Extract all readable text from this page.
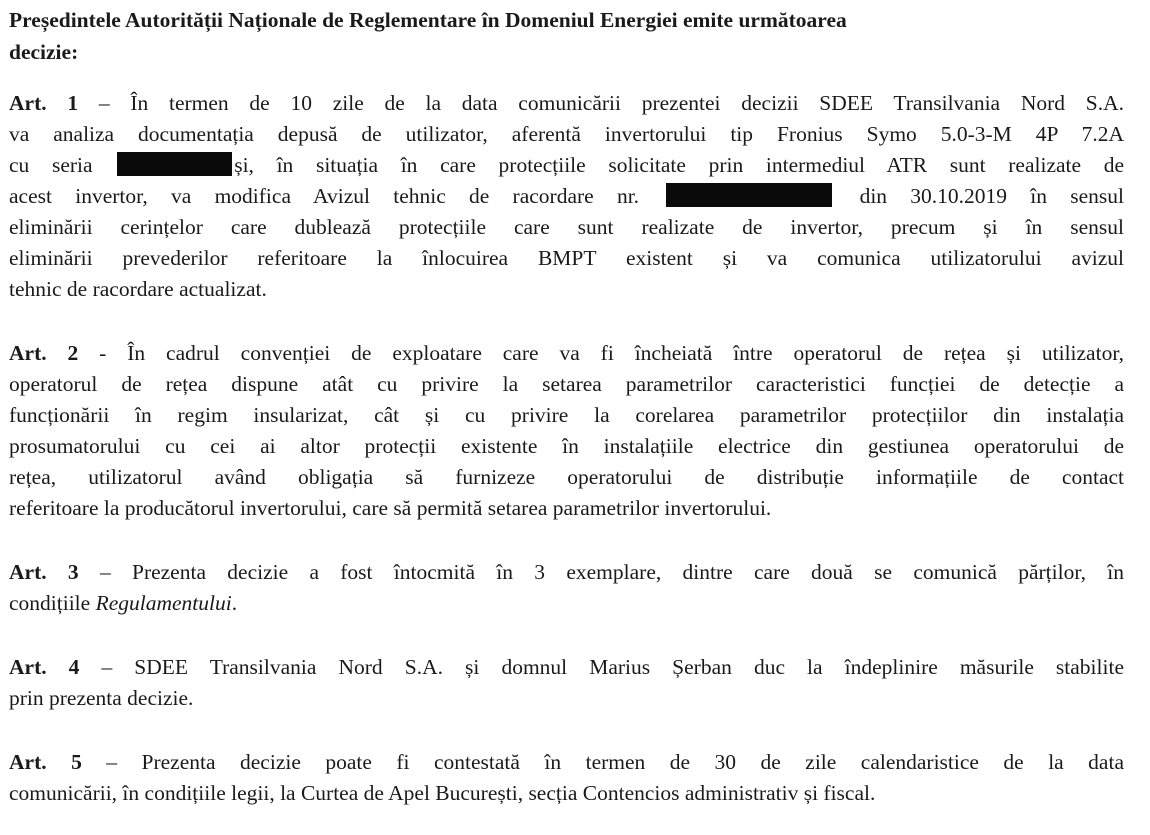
Președintele Autorității Naționale de Reglementare în Domeniul Energiei emite următoarea
decizie:
Art. 1 – În termen de 10 zile de la data comunicării prezentei decizii SDEE Transilvania Nord S.A.
va analiza documentația depusă de utilizator, aferentă invertorului tip Fronius Symo 5.0-3-M 4P 7.2A
cu seria	și, în situația în care protecțiile solicitate prin intermediul ATR sunt realizate de
acest invertor, va modifica Avizul tehnic de racordare nr.	din 30.10.2019 în sensul
eliminării cerințelor care dublează protecțiile care sunt realizate de invertor, precum și în sensul
eliminării prevederilor referitoare la înlocuirea BMPT existent și va comunica utilizatorului avizul
tehnic de racordare actualizat.
Art. 2 - În cadrul convenției de exploatare care va fi încheiată între operatorul de rețea și utilizator,
operatorul de rețea dispune atât cu privire la setarea parametrilor caracteristici funcției de detecție a
funcționării în regim insularizat, cât și cu privire la corelarea parametrilor protecțiilor din instalația
prosumatorului cu cei ai altor protecții existente în instalațiile electrice din gestiunea operatorului de
rețea, utilizatorul având obligația să furnizeze operatorului de distribuție informațiile de contact
referitoare la producătorul invertorului, care să permită setarea parametrilor invertorului.
Art. 3 – Prezenta decizie a fost întocmită în 3 exemplare, dintre care două se comunică părților, în
condițiile Regulamentului.
Art. 4 – SDEE Transilvania Nord S.A. și domnul Marius Șerban duc la îndeplinire măsurile stabilite
prin prezenta decizie.
Art. 5 – Prezenta decizie poate fi contestată în termen de 30 de zile calendaristice de la data
comunicării, în condițiile legii, la Curtea de Apel București, secția Contencios administrativ și fiscal.
